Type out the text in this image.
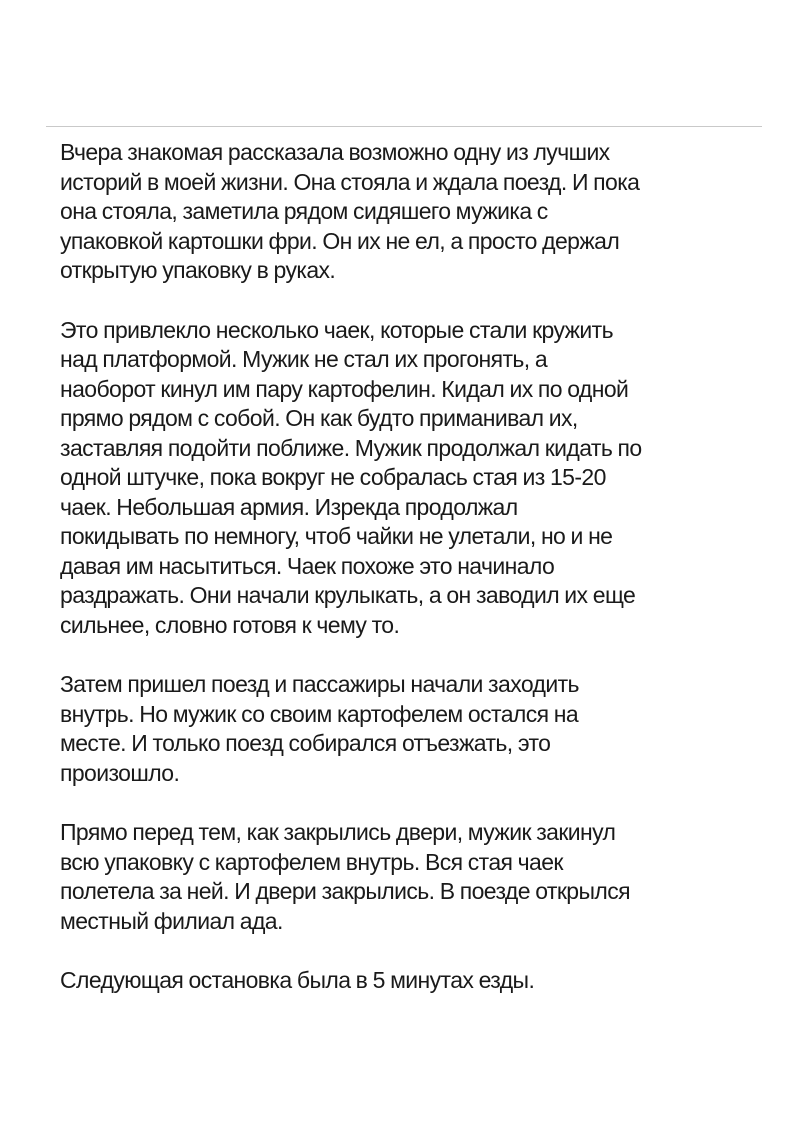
Вчера знакомая рассказала возможно одну из лучших
историй в моей жизни. Она стояла и ждала поезд. И пока
она стояла, заметила рядом сидяшего мужика с
упаковкой картошки фри. Он их не ел, а просто держал
открытую упаковку в руках.

Это привлекло несколько чаек, которые стали кружить
над платформой. Мужик не стал их прогонять, а
наоборот кинул им пару картофелин. Кидал их по одной
прямо рядом с собой. Он как будто приманивал их,
заставляя подойти поближе. Мужик продолжал кидать по
одной штучке, пока вокруг не собралась стая из 15-20
чаек. Небольшая армия. Изрекда продолжал
покидывать по немногу, чтоб чайки не улетали, но и не
давая им насытиться. Чаек похоже это начинало
раздражать. Они начали крулыкать, а он заводил их еще
сильнее, словно готовя к чему то.

Затем пришел поезд и пассажиры начали заходить
внутрь. Но мужик со своим картофелем остался на
месте. И только поезд собирался отъезжать, это
произошло.

Прямо перед тем, как закрылись двери, мужик закинул
всю упаковку с картофелем внутрь. Вся стая чаек
полетела за ней. И двери закрылись. В поезде открылся
местный филиал ада.

Следующая остановка была в 5 минутах езды.
